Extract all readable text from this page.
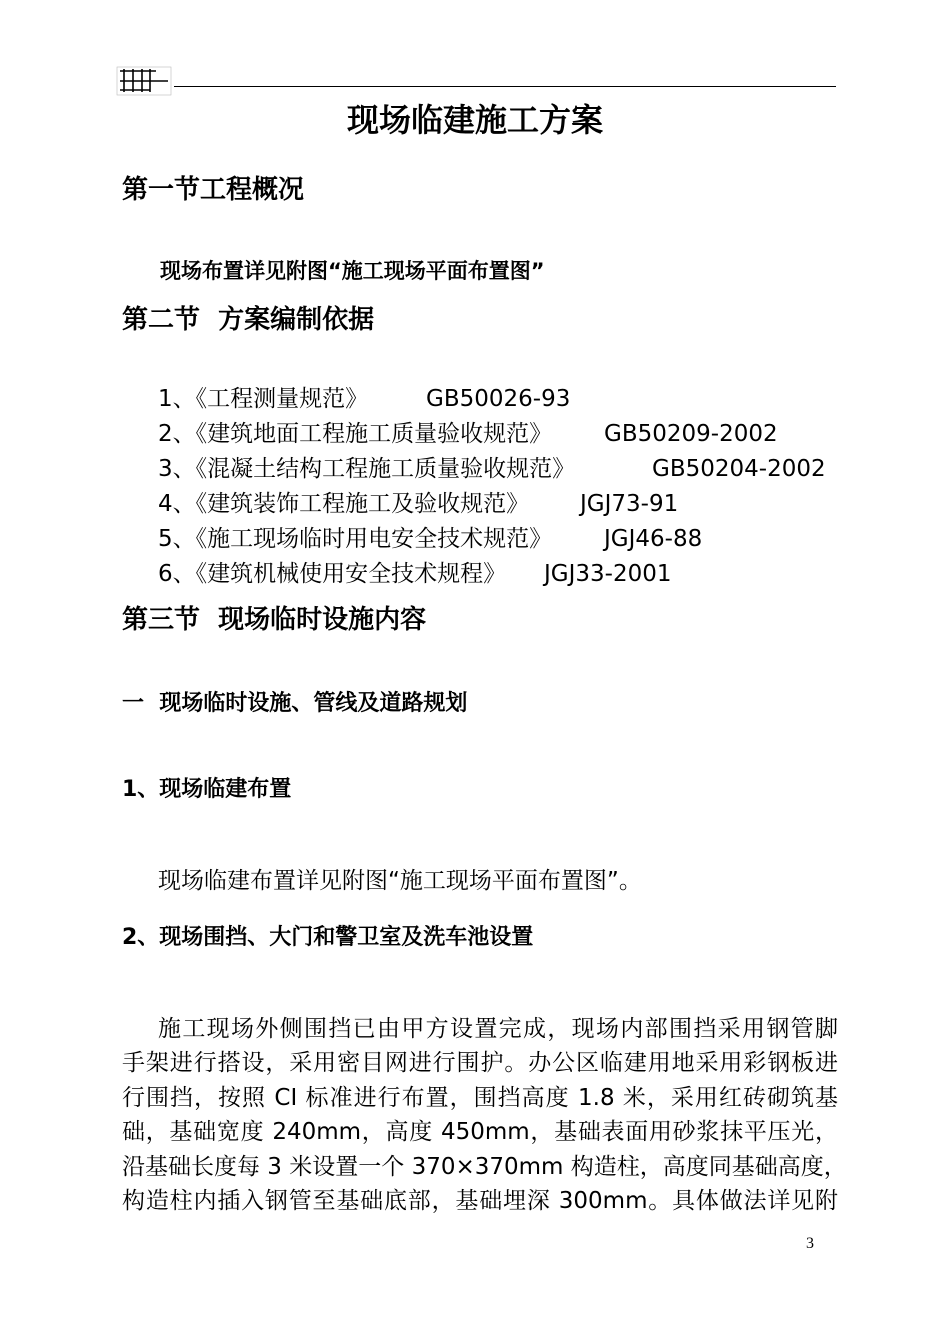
现场临建施工方案
第一节工程概况
现场布置详见附图“施工现场平面布置图”
第二节  方案编制依据
1、《工程测量规范》	GB50026-93
2、《建筑地面工程施工质量验收规范》 GB50209-2002
3、《混凝土结构工程施工质量验收规范》	GB50204-2002
4、《建筑装饰工程施工及验收规范》 JGJ73-91
5、《施工现场临时用电安全技术规范》 JGJ46-88
6、《建筑机械使用安全技术规程》 JGJ33-2001
第三节  现场临时设施内容
一  现场临时设施、管线及道路规划
1、现场临建布置
现场临建布置详见附图“施工现场平面布置图”。
2、现场围挡、大门和警卫室及洗车池设置
施工现场外侧围挡已由甲方设置完成，现场内部围挡采用钢管脚
手架进行搭设，采用密目网进行围护。办公区临建用地采用彩钢板进
行围挡，按照 CI 标准进行布置，围挡高度 1.8 米，采用红砖砌筑基
础，基础宽度 240mm，高度 450mm，基础表面用砂浆抹平压光，
沿基础长度每 3 米设置一个 370×370mm 构造柱，高度同基础高度，
构造柱内插入钢管至基础底部，基础埋深 300mm。具体做法详见附
3
